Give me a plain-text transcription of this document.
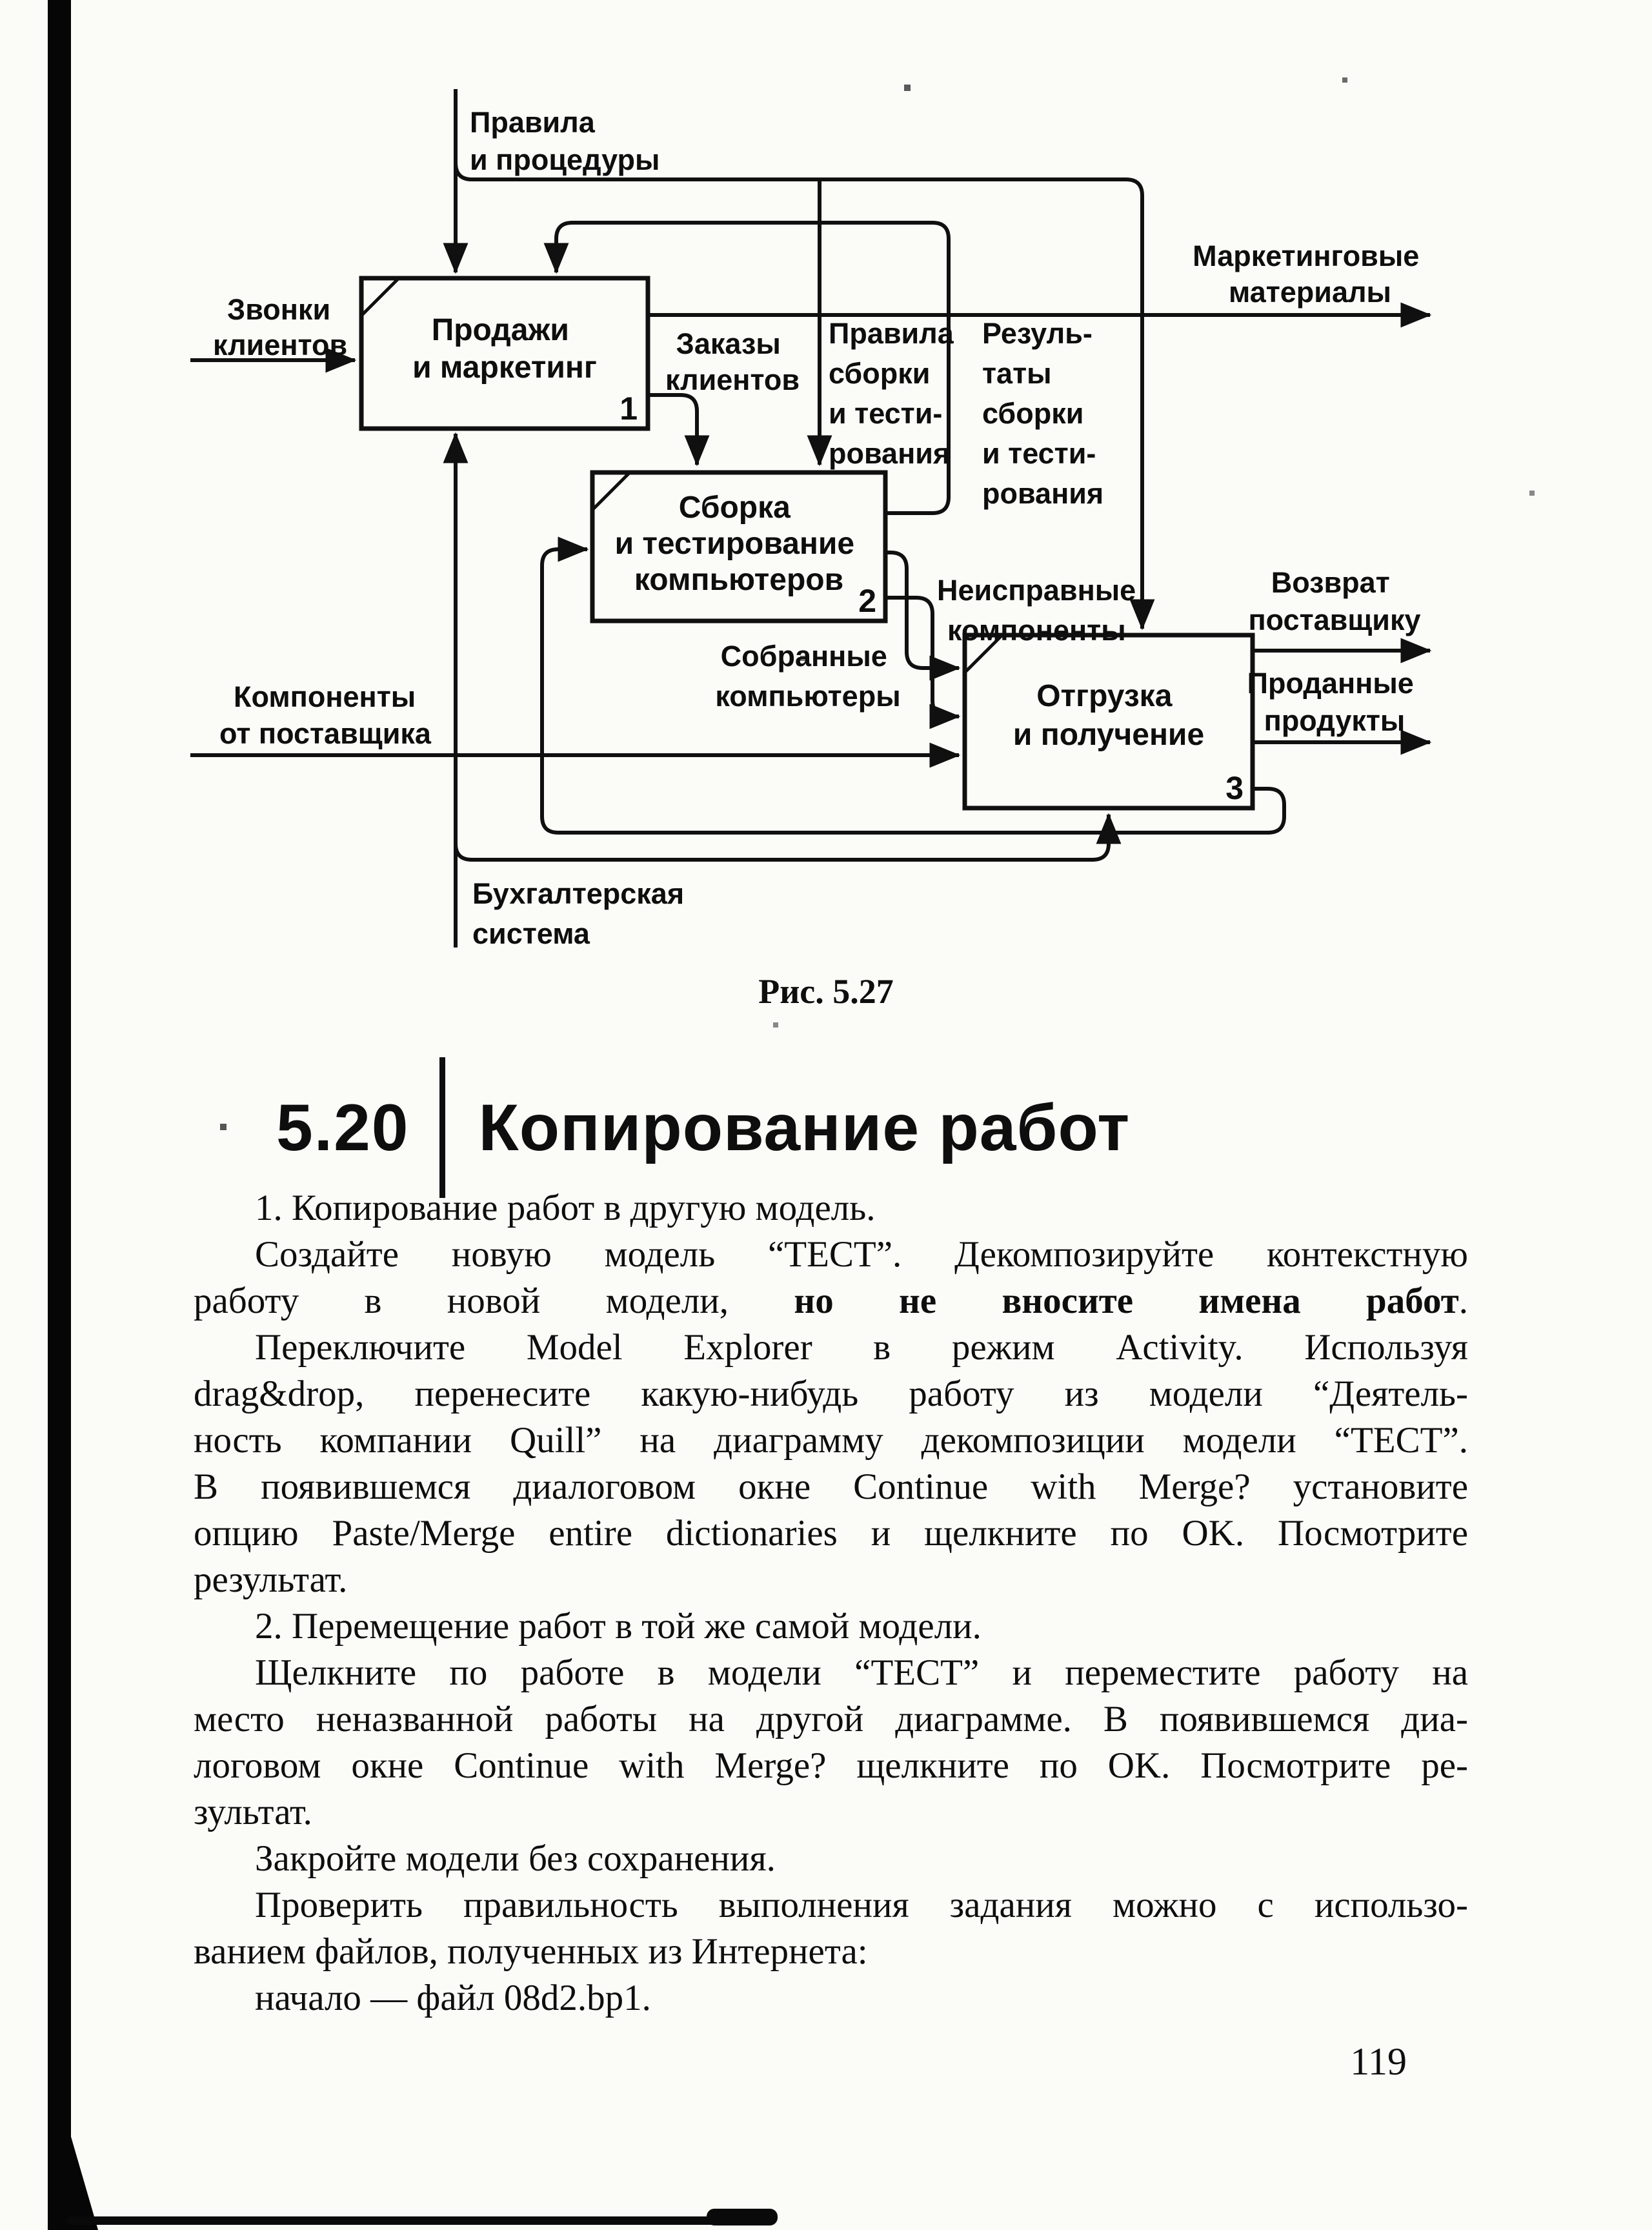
Продажи и маркетинг
1
Сборка и тестирование компьютеров
2
Отгрузка и получение
3
Звонки клиентов
Правила и процедуры
Заказы клиентов
Правила сборки и тести- рования
Резуль- таты сборки и тести- рования
Маркетинговые материалы
Неисправные компоненты
Возврат поставщику
Собранные компьютеры	Проданные продукты
Компоненты от поставщика
Бухгалтерская система
Рис. 5.27
5.20 Копирование работ
1. Копирование работ в другую модель.
Создайте новую модель “ТЕСТ”. Декомпозируйте контекстную
работу в новой модели, но не вносите имена работ.
Переключите Model Explorer в режим Activity. Используя
drag&drop, перенесите какую-нибудь работу из модели “Деятель-
ность компании Quill” на диаграмму декомпозиции модели “ТЕСТ”.
В появившемся диалоговом окне Continue with Merge? установите
опцию Paste/Merge entire dictionaries и щелкните по OK. Посмотрите
результат.
2. Перемещение работ в той же самой модели.
Щелкните по работе в модели “ТЕСТ” и переместите работу на
место неназванной работы на другой диаграмме. В появившемся диа-
логовом окне Continue with Merge? щелкните по OK. Посмотрите ре-
зультат.
Закройте модели без сохранения.
Проверить правильность выполнения задания можно с использо-
ванием файлов, полученных из Интернета:
начало — файл 08d2.bp1.
119
